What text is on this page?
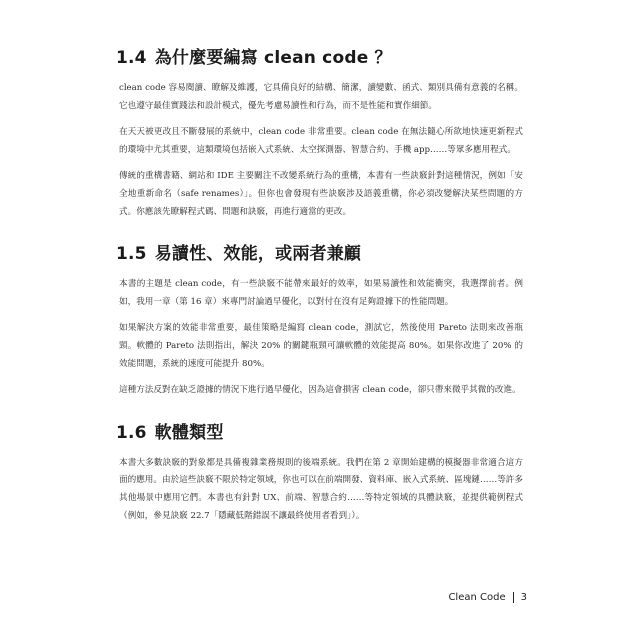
1.4 為什麼要編寫 clean code ？

clean code 容易閱讀、瞭解及維護，它具備良好的結構、簡潔，讀變數、函式、類別具備有意義的名稱。它也遵守最佳實踐法和設計模式，優先考慮易讀性和行為，而不是性能和實作細節。

在天天被更改且不斷發展的系統中，clean code 非常重要。clean code 在無法隨心所欲地快速更新程式的環境中尤其重要，這類環境包括嵌入式系統、太空探測器、智慧合約、手機 app……等眾多應用程式。

傳統的重構書籍、網站和 IDE 主要關注不改變系統行為的重構，本書有一些訣竅針對這種情況，例如「安全地重新命名（safe renames）」。但你也會發現有些訣竅涉及語義重構，你必須改變解決某些問題的方式。你應該先瞭解程式碼、問題和訣竅，再進行適當的更改。

1.5 易讀性、效能，或兩者兼顧

本書的主題是 clean code，有一些訣竅不能帶來最好的效率，如果易讀性和效能衝突，我選擇前者。例如，我用一章（第 16 章）來專門討論過早優化，以對付在沒有足夠證據下的性能問題。

如果解決方案的效能非常重要，最佳策略是編寫 clean code，測試它，然後使用 Pareto 法則來改善瓶頸。軟體的 Pareto 法則指出，解決 20% 的關鍵瓶頸可讓軟體的效能提高 80%。如果你改進了 20% 的效能問題，系統的速度可能提升 80%。

這種方法反對在缺乏證據的情況下進行過早優化，因為這會損害 clean code，卻只帶來微乎其微的改進。

1.6 軟體類型

本書大多數訣竅的對象都是具備複雜業務規則的後端系統。我們在第 2 章開始建構的模擬器非常適合這方面的應用。由於這些訣竅不限於特定領域，你也可以在前端開發、資料庫、嵌入式系統、區塊鏈……等許多其他場景中應用它們。本書也有針對 UX、前端、智慧合約……等特定領域的具體訣竅，並提供範例程式（例如，參見訣竅 22.7「隱藏低階錯誤不讓最終使用者看到」）。

Clean Code 3
